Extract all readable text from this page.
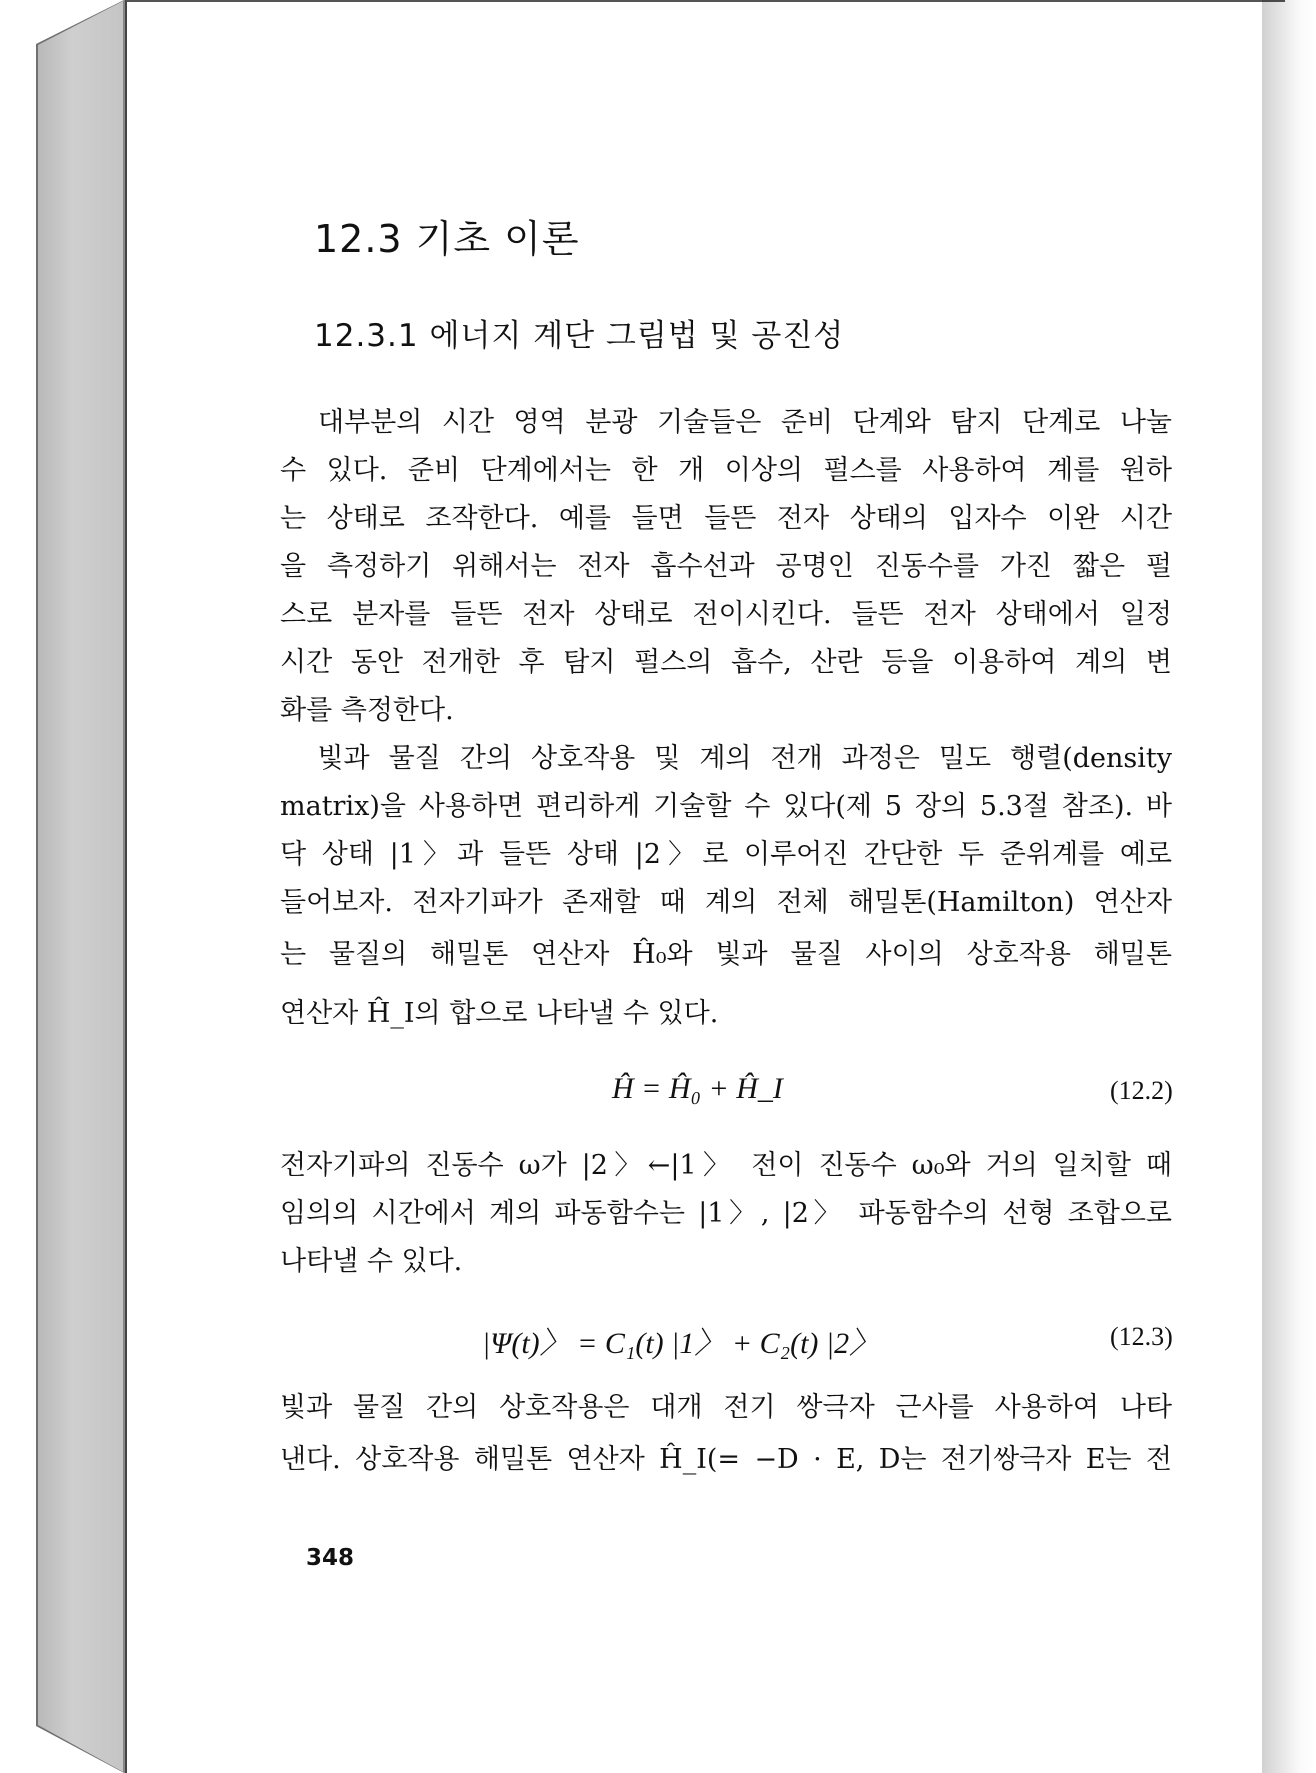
12.3 기초 이론
12.3.1 에너지 계단 그림법 및 공진성
　대부분의 시간 영역 분광 기술들은 준비 단계와 탐지 단계로 나눌
수 있다. 준비 단계에서는 한 개 이상의 펄스를 사용하여 계를 원하
는 상태로 조작한다. 예를 들면 들뜬 전자 상태의 입자수 이완 시간
을 측정하기 위해서는 전자 흡수선과 공명인 진동수를 가진 짧은 펄
스로 분자를 들뜬 전자 상태로 전이시킨다. 들뜬 전자 상태에서 일정
시간 동안 전개한 후 탐지 펄스의 흡수, 산란 등을 이용하여 계의 변
화를 측정한다.
　빛과 물질 간의 상호작용 및 계의 전개 과정은 밀도 행렬(density
matrix)을 사용하면 편리하게 기술할 수 있다(제 5 장의 5.3절 참조). 바
닥 상태 |1〉과 들뜬 상태 |2〉로 이루어진 간단한 두 준위계를 예로
들어보자. 전자기파가 존재할 때 계의 전체 해밀톤(Hamilton) 연산자
는 물질의 해밀톤 연산자 Ĥ₀와 빛과 물질 사이의 상호작용 해밀톤
연산자 Ĥ_I의 합으로 나타낼 수 있다.
Ĥ = Ĥ₀ + Ĥ_I	(12.2)
전자기파의 진동수 ω가 |2〉←|1〉 전이 진동수 ω₀와 거의 일치할 때
임의의 시간에서 계의 파동함수는 |1〉, |2〉 파동함수의 선형 조합으로
나타낼 수 있다.
|Ψ(t)〉 = C₁(t) |1〉 + C₂(t) |2〉	(12.3)
빛과 물질 간의 상호작용은 대개 전기 쌍극자 근사를 사용하여 나타
낸다. 상호작용 해밀톤 연산자 Ĥ_I(= −D · E, D는 전기쌍극자 E는 전
348
